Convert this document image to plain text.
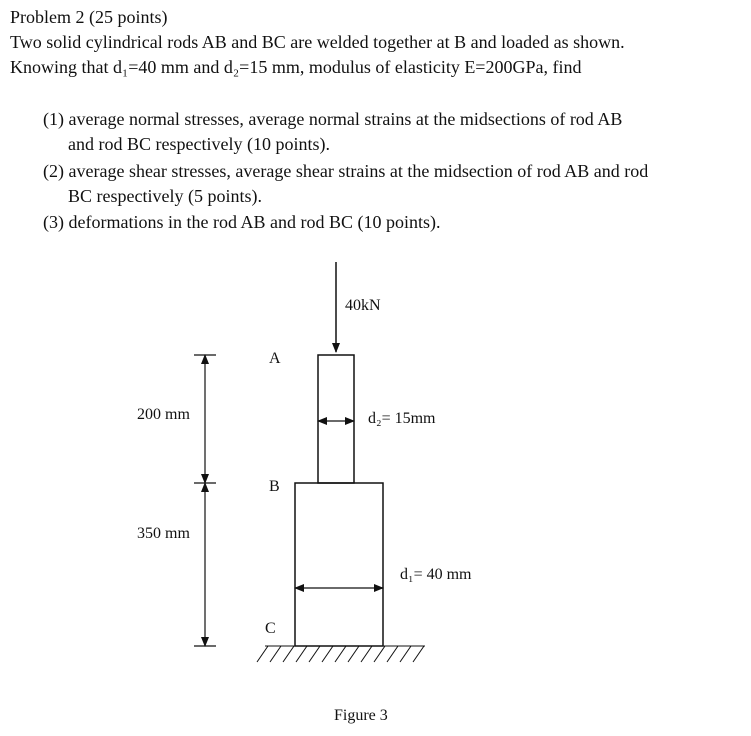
Problem 2 (25 points)
Two solid cylindrical rods AB and BC are welded together at B and loaded as shown.
Knowing that d₁=40 mm and d₂=15 mm, modulus of elasticity E=200GPa, find
(1) average normal stresses, average normal strains at the midsections of rod AB
and rod BC respectively (10 points).
(2) average shear stresses, average shear strains at the midsection of rod AB and rod
BC respectively (5 points).
(3) deformations in the rod AB and rod BC (10 points).
40kN
A
B
C
200 mm
350 mm
d₂= 15mm
d₁= 40 mm
Figure 3
